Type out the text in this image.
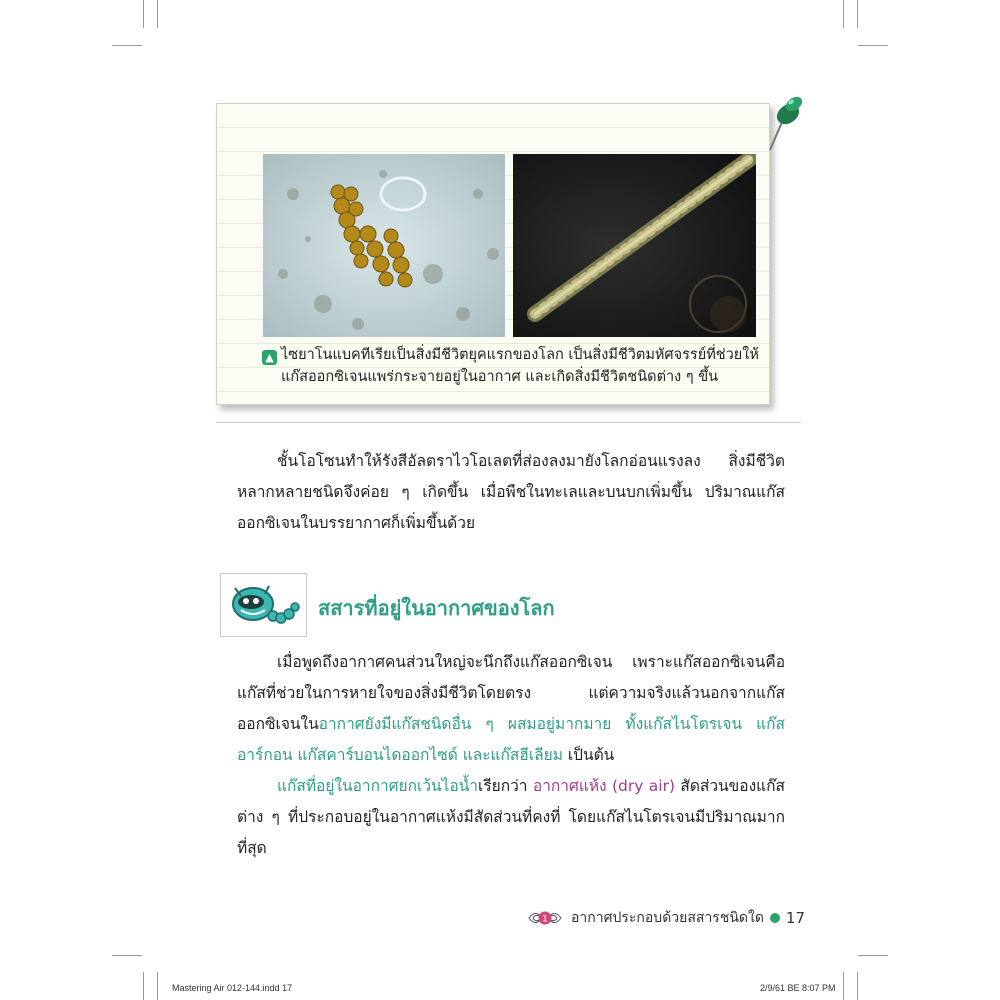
▲ ไซยาโนแบคทีเรียเป็นสิ่งมีชีวิตยุคแรกของโลก เป็นสิ่งมีชีวิตมหัศจรรย์ที่ช่วยให้
แก๊สออกซิเจนแพร่กระจายอยู่ในอากาศ และเกิดสิ่งมีชีวิตชนิดต่าง ๆ ขึ้น
ชั้นโอโซนทำให้รังสีอัลตราไวโอเลตที่ส่องลงมายังโลกอ่อนแรงลง สิ่งมีชีวิตหลากหลายชนิดจึงค่อย ๆ เกิดขึ้น เมื่อพืชในทะเลและบนบกเพิ่มขึ้น ปริมาณแก๊สออกซิเจนในบรรยากาศก็เพิ่มขึ้นด้วย
สสารที่อยู่ในอากาศของโลก
เมื่อพูดถึงอากาศคนส่วนใหญ่จะนึกถึงแก๊สออกซิเจน เพราะแก๊สออกซิเจนคือแก๊สที่ช่วยในการหายใจของสิ่งมีชีวิตโดยตรง แต่ความจริงแล้วนอกจากแก๊สออกซิเจนในอากาศยังมีแก๊สชนิดอื่น ๆ ผสมอยู่มากมาย ทั้งแก๊สไนโตรเจน แก๊สอาร์กอน แก๊สคาร์บอนไดออกไซด์ และแก๊สฮีเลียม เป็นต้น
แก๊สที่อยู่ในอากาศยกเว้นไอน้ำเรียกว่า อากาศแห้ง (dry air) สัดส่วนของแก๊สต่าง ๆ ที่ประกอบอยู่ในอากาศแห้งมีสัดส่วนที่คงที่ โดยแก๊สไนโตรเจนมีปริมาณมากที่สุด
1 อากาศประกอบด้วยสสารชนิดใด 17
Mastering Air 012-144.indd 17	2/9/61 BE 8:07 PM
